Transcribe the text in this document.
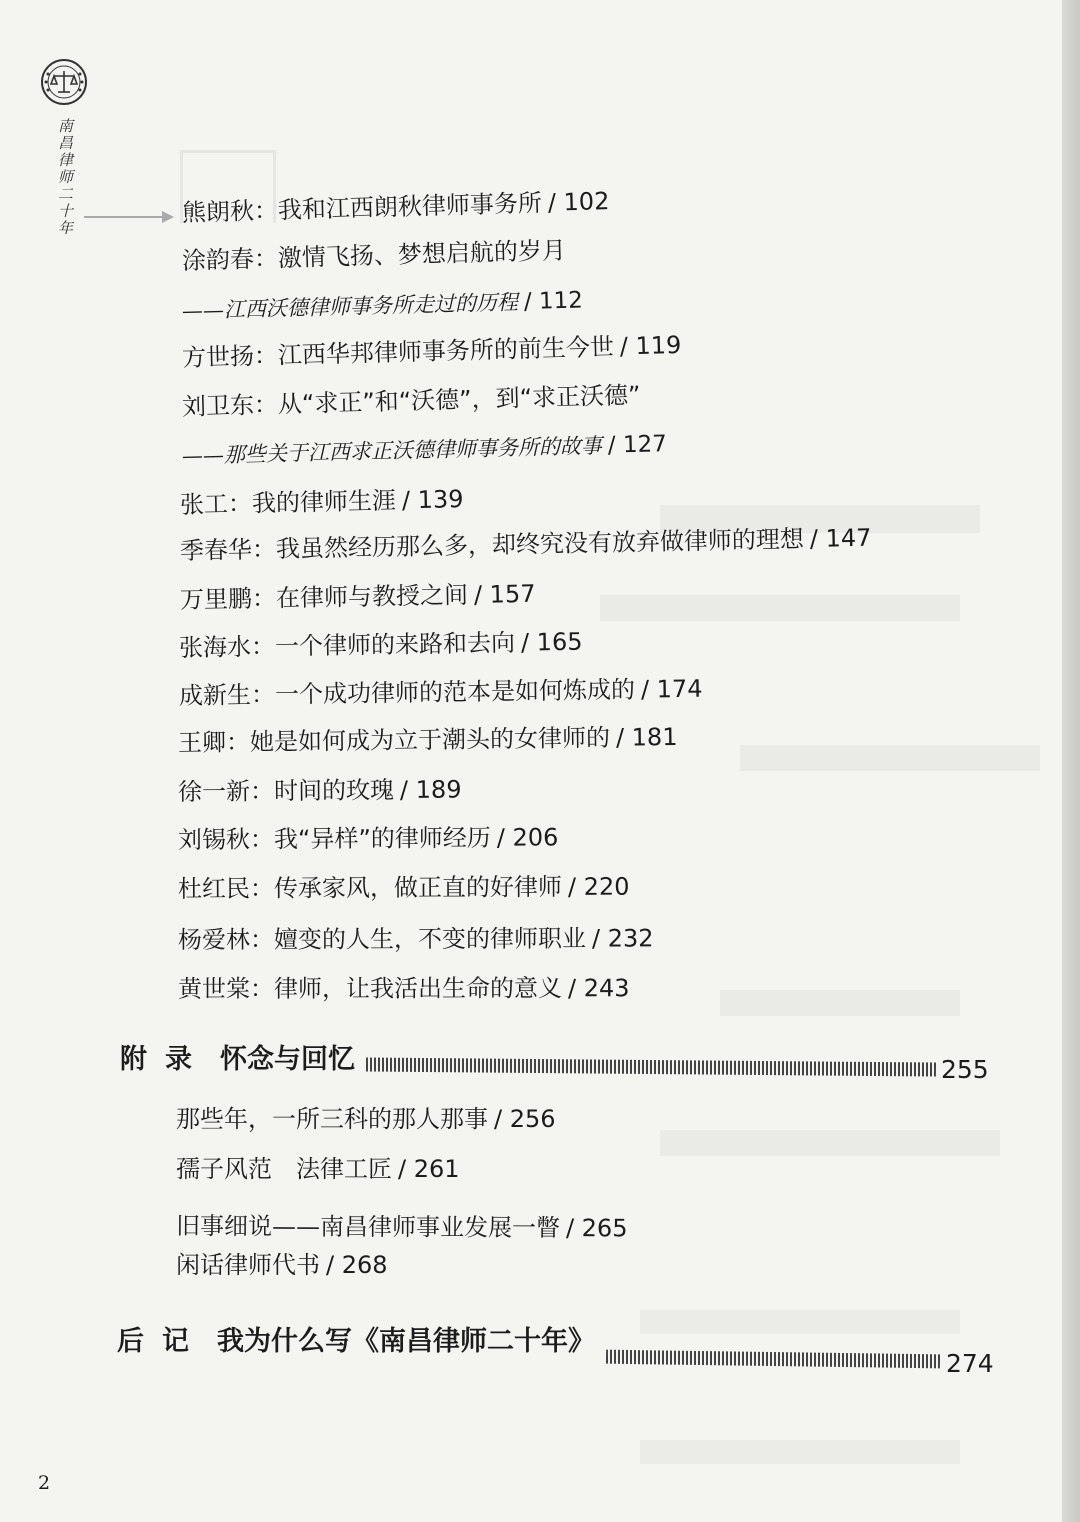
南昌律师二十年	熊朗秋：我和江西朗秋律师事务所 / 102
涂韵春：激情飞扬、梦想启航的岁月
——江西沃德律师事务所走过的历程 / 112
方世扬：江西华邦律师事务所的前生今世 / 119
刘卫东：从“求正”和“沃德”，到“求正沃德”
——那些关于江西求正沃德律师事务所的故事 / 127
张工：我的律师生涯 / 139
季春华：我虽然经历那么多，却终究没有放弃做律师的理想 / 147
万里鹏：在律师与教授之间 / 157
张海水：一个律师的来路和去向 / 165
成新生：一个成功律师的范本是如何炼成的 / 174
王卿：她是如何成为立于潮头的女律师的 / 181
徐一新：时间的玫瑰 / 189
刘锡秋：我“异样”的律师经历 / 206
杜红民：传承家风，做正直的好律师 / 220
杨爱林：嬗变的人生，不变的律师职业 / 232
黄世棠：律师，让我活出生命的意义 / 243
附录 怀念与回忆	255
那些年，一所三科的那人那事 / 256
孺子风范　法律工匠 / 261
旧事细说——南昌律师事业发展一瞥 / 265
闲话律师代书 / 268
后记 我为什么写《南昌律师二十年》
274
2
